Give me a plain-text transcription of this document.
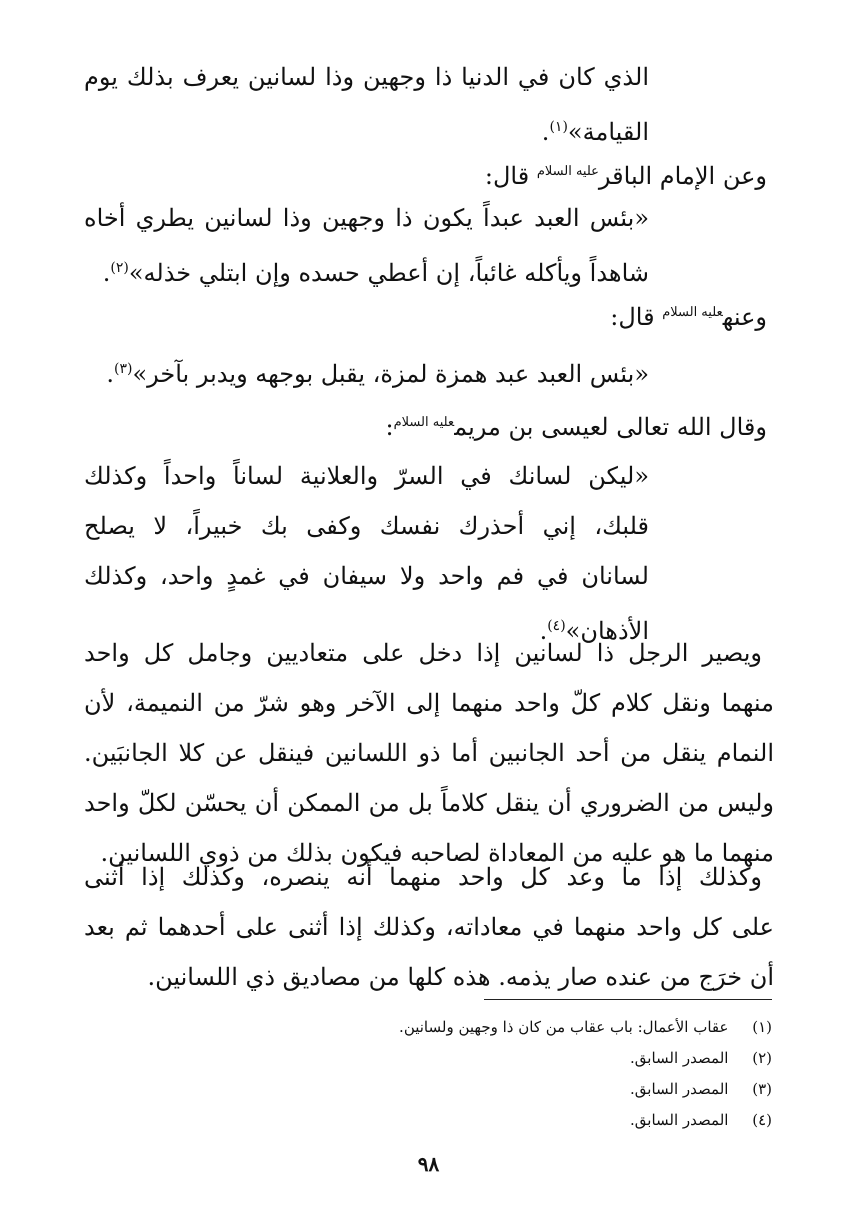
الذي كان في الدنيا ذا وجهين وذا لسانين يعرف بذلك يوم
القيامة»$^{(١)}$.
وعن الإمام الباقر$^{عليه السلام}$ قال:
«بئس العبد عبداً يكون ذا وجهين وذا لسانين يطري أخاه
شاهداً ويأكله غائباً، إن أعطي حسده وإن ابتلي خذله»$^{(٢)}$.
وعنه$^{عليه السلام}$ قال:
«بئس العبد عبد همزة لمزة، يقبل بوجهه ويدبر بآخر»$^{(٣)}$.
وقال الله تعالى لعيسى بن مريم$^{عليه السلام}$:
«ليكن لسانك في السرّ والعلانية لساناً واحداً وكذلك
قلبك، إني أحذرك نفسك وكفى بك خبيراً، لا يصلح
لسانان في فم واحد ولا سيفان في غمدٍ واحد، وكذلك
الأذهان»$^{(٤)}$.
ويصير الرجل ذا لسانين إذا دخل على متعاديين وجامل كل واحد
منهما ونقل كلام كلّ واحد منهما إلى الآخر وهو شرّ من النميمة، لأن
النمام ينقل من أحد الجانبين أما ذو اللسانين فينقل عن كلا الجانبَين.
وليس من الضروري أن ينقل كلاماً بل من الممكن أن يحسّن لكلّ واحد
منهما ما هو عليه من المعاداة لصاحبه فيكون بذلك من ذوي اللسانين.
وكذلك إذا ما وعد كل واحد منهما أنه ينصره، وكذلك إذا أثنى
على كل واحد منهما في معاداته، وكذلك إذا أثنى على أحدهما ثم بعد
أن خرَج من عنده صار يذمه. هذه كلها من مصاديق ذي اللسانين.
(١)  عقاب الأعمال: باب عقاب من كان ذا وجهين ولسانين.
(٢)  المصدر السابق.
(٣)  المصدر السابق.
(٤)  المصدر السابق.
٩٨
